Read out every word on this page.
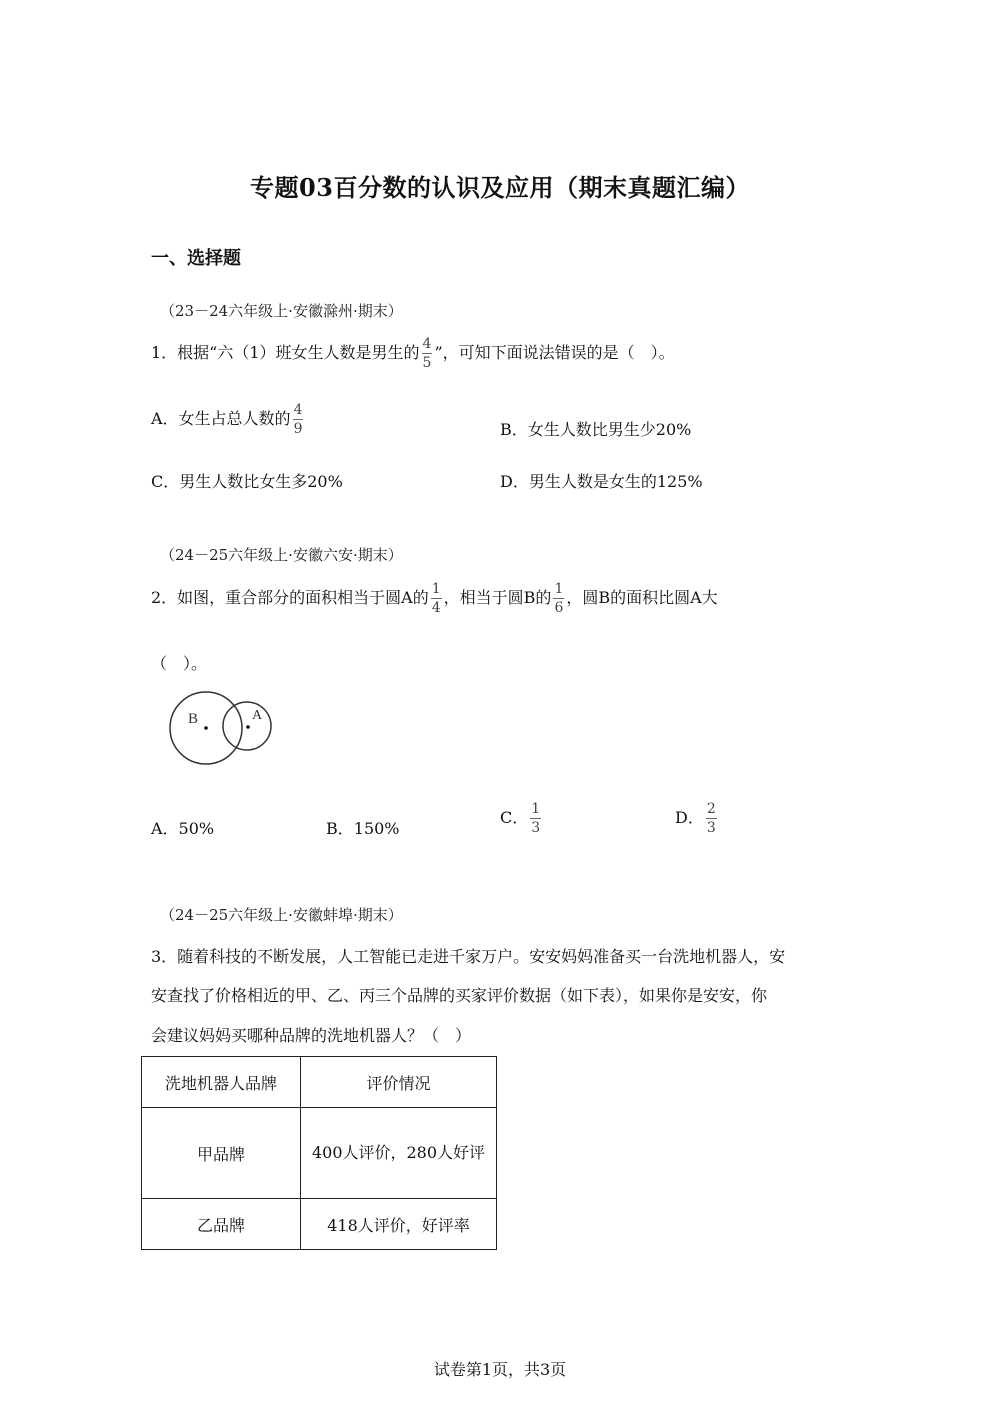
专题03百分数的认识及应用（期末真题汇编）
一、选择题
（23－24六年级上·安徽滁州·期末）
1．根据“六（1）班女生人数是男生的 $\frac{4}{5}$ ”，可知下面说法错误的是（　）。
A．女生占总人数的 $\frac{4}{9}$	B．女生人数比男生少20%
C．男生人数比女生多20%	D．男生人数是女生的125%
（24－25六年级上·安徽六安·期末）
2．如图，重合部分的面积相当于圆A的 $\frac{1}{4}$ ，相当于圆B的 $\frac{1}{6}$ ，圆B的面积比圆A大
（　）。
B	A
A．50%	B．150%
C． $\frac{1}{3}$	D． $\frac{2}{3}$
（24－25六年级上·安徽蚌埠·期末）
3．随着科技的不断发展，人工智能已走进千家万户。安安妈妈准备买一台洗地机器人，安
安查找了价格相近的甲、乙、丙三个品牌的买家评价数据（如下表），如果你是安安，你
会建议妈妈买哪种品牌的洗地机器人？（　）
洗地机器人品牌	评价情况
甲品牌	400人评价，280人好评
乙品牌	418人评价，好评率
试卷第1页，共3页
